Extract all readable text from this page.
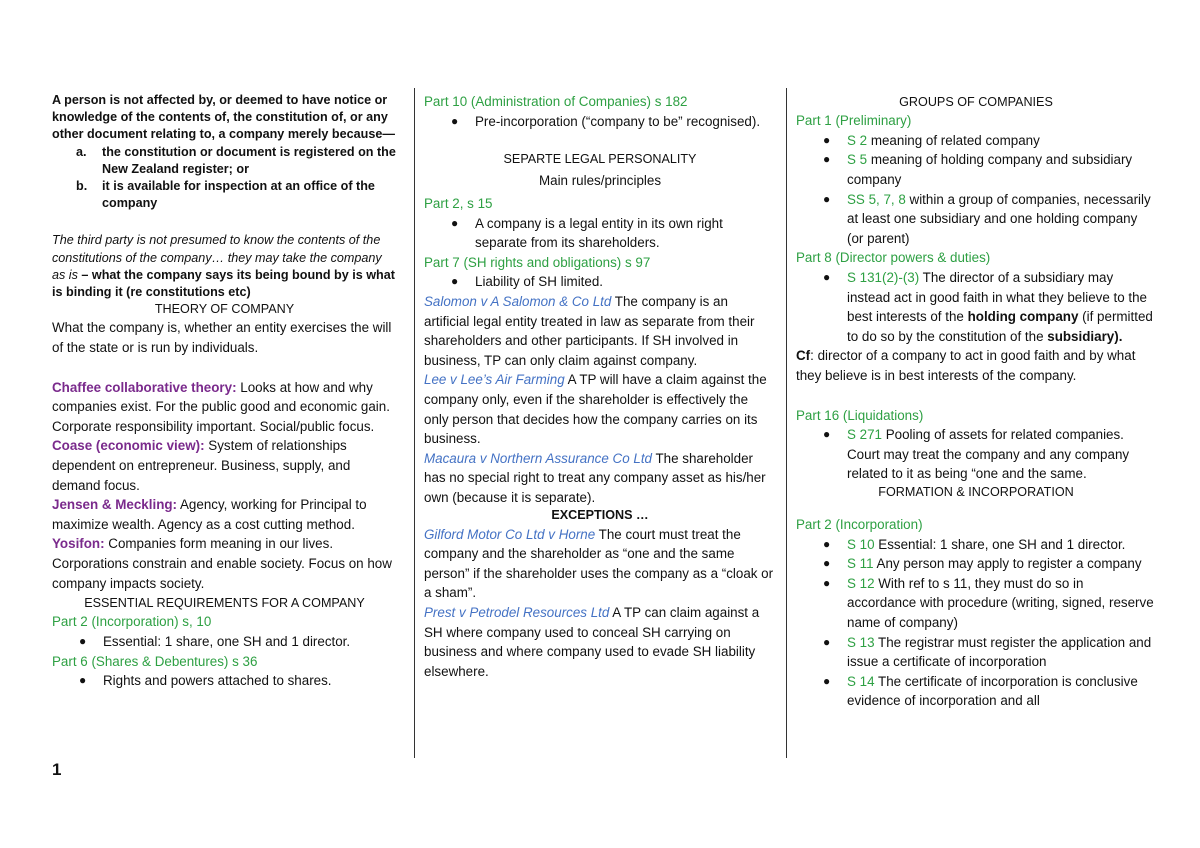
A person is not affected by, or deemed to have notice or knowledge of the contents of, the constitution of, or any other document relating to, a company merely because—

a. the constitution or document is registered on the New Zealand register; or
b. it is available for inspection at an office of the company

The third party is not presumed to know the contents of the constitutions of the company… they may take the company as is – what the company says its being bound by is what is binding it (re constitutions etc)

THEORY OF COMPANY

What the company is, whether an entity exercises the will of the state or is run by individuals.

Chaffee collaborative theory: Looks at how and why companies exist. For the public good and economic gain. Corporate responsibility important. Social/public focus.

Coase (economic view): System of relationships dependent on entrepreneur. Business, supply, and demand focus.

Jensen & Meckling: Agency, working for Principal to maximize wealth. Agency as a cost cutting method.

Yosifon: Companies form meaning in our lives. Corporations constrain and enable society. Focus on how company impacts society.

ESSENTIAL REQUIREMENTS FOR A COMPANY

Part 2 (Incorporation) s, 10

● Essential: 1 share, one SH and 1 director.

Part 6 (Shares & Debentures) s 36

● Rights and powers attached to shares.

Part 10 (Administration of Companies) s 182

● Pre-incorporation (“company to be” recognised).

SEPARTE LEGAL PERSONALITY

Main rules/principles

Part 2, s 15

● A company is a legal entity in its own right separate from its shareholders.

Part 7 (SH rights and obligations) s 97

● Liability of SH limited.

Salomon v A Salomon & Co Ltd The company is an artificial legal entity treated in law as separate from their shareholders and other participants. If SH involved in business, TP can only claim against company.

Lee v Lee’s Air Farming A TP will have a claim against the company only, even if the shareholder is effectively the only person that decides how the company carries on its business.

Macaura v Northern Assurance Co Ltd The shareholder has no special right to treat any company asset as his/her own (because it is separate).

EXCEPTIONS …

Gilford Motor Co Ltd v Horne The court must treat the company and the shareholder as “one and the same person” if the shareholder uses the company as a “cloak or a sham”.

Prest v Petrodel Resources Ltd A TP can claim against a SH where company used to conceal SH carrying on business and where company used to evade SH liability elsewhere.

GROUPS OF COMPANIES

Part 1 (Preliminary)

● S 2 meaning of related company
● S 5 meaning of holding company and subsidiary company
● SS 5, 7, 8 within a group of companies, necessarily at least one subsidiary and one holding company (or parent)

Part 8 (Director powers & duties)

● S 131(2)-(3) The director of a subsidiary may instead act in good faith in what they believe to the best interests of the holding company (if permitted to do so by the constitution of the subsidiary).

Cf: director of a company to act in good faith and by what they believe is in best interests of the company.

Part 16 (Liquidations)

● S 271 Pooling of assets for related companies. Court may treat the company and any company related to it as being “one and the same.

FORMATION & INCORPORATION

Part 2 (Incorporation)

● S 10 Essential: 1 share, one SH and 1 director.
● S 11 Any person may apply to register a company
● S 12 With ref to s 11, they must do so in accordance with procedure (writing, signed, reserve name of company)
● S 13 The registrar must register the application and issue a certificate of incorporation
● S 14 The certificate of incorporation is conclusive evidence of incorporation and all
1
